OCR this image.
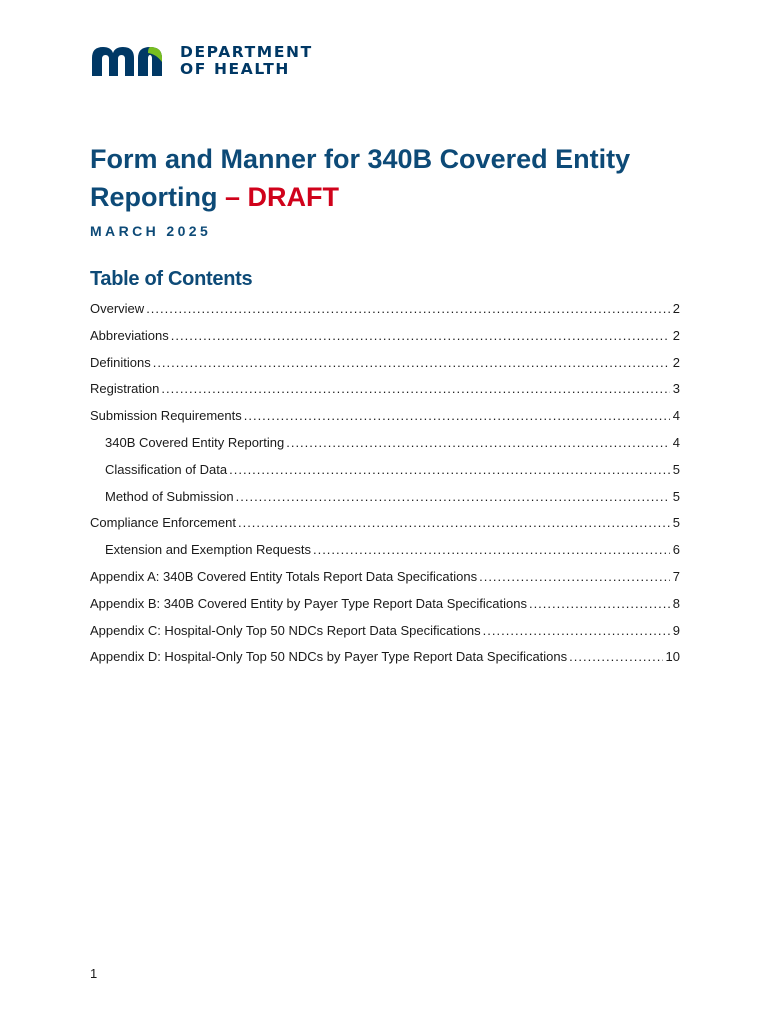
DEPARTMENT
OF HEALTH
Form and Manner for 340B Covered Entity Reporting – DRAFT
MARCH 2025
Table of Contents
Overview .....	2
Abbreviations .....	2
Definitions .....	2
Registration .....	3
Submission Requirements .....	4
340B Covered Entity Reporting .....	4
Classification of Data .....	5
Method of Submission .....	5
Compliance Enforcement .....	5
Extension and Exemption Requests .....	6
Appendix A: 340B Covered Entity Totals Report Data Specifications .....	7
Appendix B: 340B Covered Entity by Payer Type Report Data Specifications .....	8
Appendix C: Hospital-Only Top 50 NDCs Report Data Specifications .....	9
Appendix D: Hospital-Only Top 50 NDCs by Payer Type Report Data Specifications .....	10
1
